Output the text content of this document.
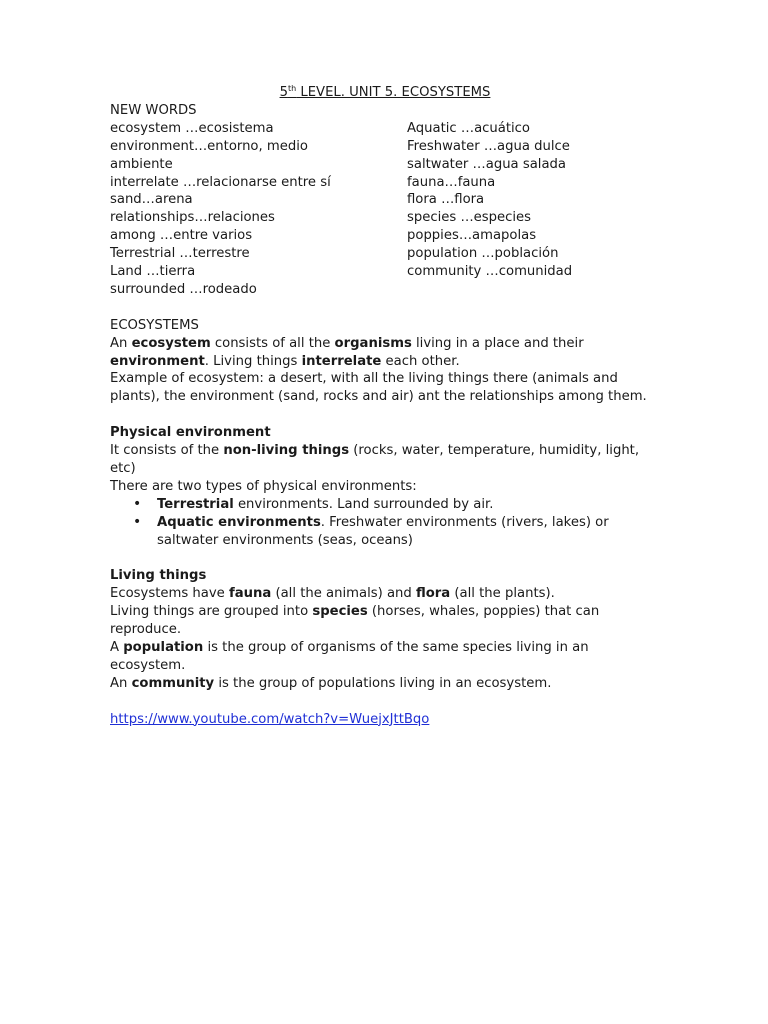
5th LEVEL. UNIT 5. ECOSYSTEMS
NEW WORDS
ecosystem …ecosistema
environment…entorno, medio
ambiente
interrelate …relacionarse entre sí
sand…arena
relationships…relaciones
among …entre varios
Terrestrial …terrestre
Land …tierra
surrounded …rodeado
Aquatic …acuático
Freshwater …agua dulce
saltwater …agua salada
fauna…fauna
flora …flora
species …especies
poppies…amapolas
population …población
community …comunidad
ECOSYSTEMS

An ecosystem consists of all the organisms living in a place and their environment. Living things interrelate each other.

Example of ecosystem: a desert, with all the living things there (animals and plants), the environment (sand, rocks and air) ant the relationships among them.

Physical environment

It consists of the non-living things (rocks, water, temperature, humidity, light, etc)

There are two types of physical environments:

• Terrestrial environments. Land surrounded by air.
• Aquatic environments. Freshwater environments (rivers, lakes) or saltwater environments (seas, oceans)
Living things

Ecosystems have fauna (all the animals) and flora (all the plants).

Living things are grouped into species (horses, whales, poppies) that can reproduce.

A population is the group of organisms of the same species living in an ecosystem.

An community is the group of populations living in an ecosystem.

https://www.youtube.com/watch?v=WuejxJttBqo
